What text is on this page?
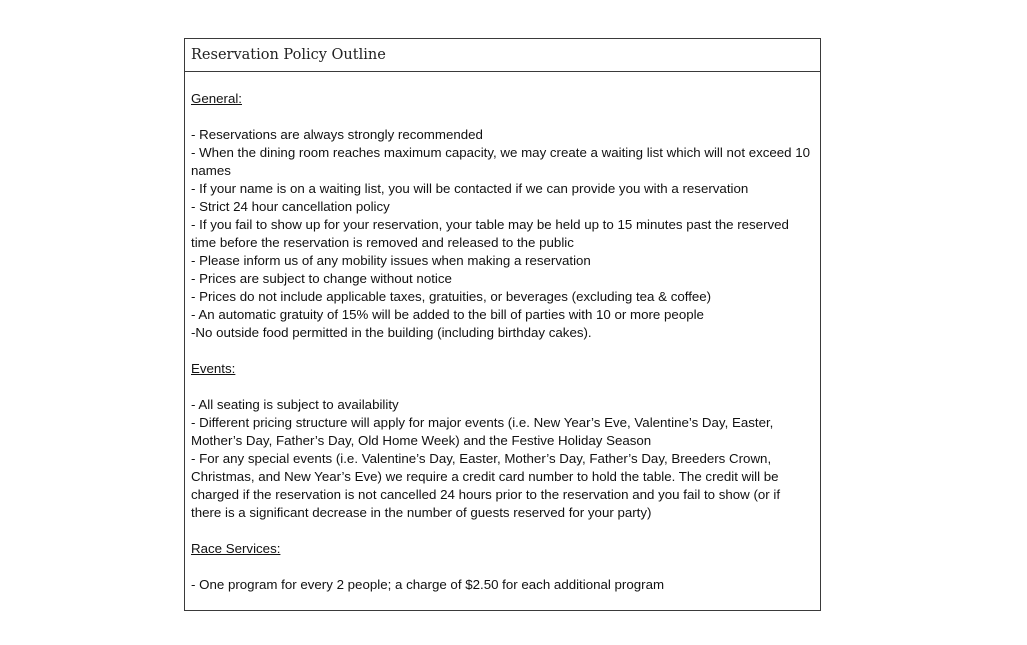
Reservation Policy Outline
General:
- Reservations are always strongly recommended
- When the dining room reaches maximum capacity, we may create a waiting list which will not exceed 10 names
- If your name is on a waiting list, you will be contacted if we can provide you with a reservation
- Strict 24 hour cancellation policy
- If you fail to show up for your reservation, your table may be held up to 15 minutes past the reserved time before the reservation is removed and released to the public
- Please inform us of any mobility issues when making a reservation
- Prices are subject to change without notice
- Prices do not include applicable taxes, gratuities, or beverages (excluding tea & coffee)
- An automatic gratuity of 15% will be added to the bill of parties with 10 or more people
-No outside food permitted in the building (including birthday cakes).
Events:
- All seating is subject to availability
- Different pricing structure will apply for major events (i.e. New Year’s Eve, Valentine’s Day, Easter, Mother’s Day, Father’s Day, Old Home Week) and the Festive Holiday Season
- For any special events (i.e. Valentine’s Day, Easter, Mother’s Day, Father’s Day, Breeders Crown, Christmas, and New Year’s Eve) we require a credit card number to hold the table. The credit will be charged if the reservation is not cancelled 24 hours prior to the reservation and you fail to show (or if there is a significant decrease in the number of guests reserved for your party)
Race Services:
- One program for every 2 people; a charge of $2.50 for each additional program
